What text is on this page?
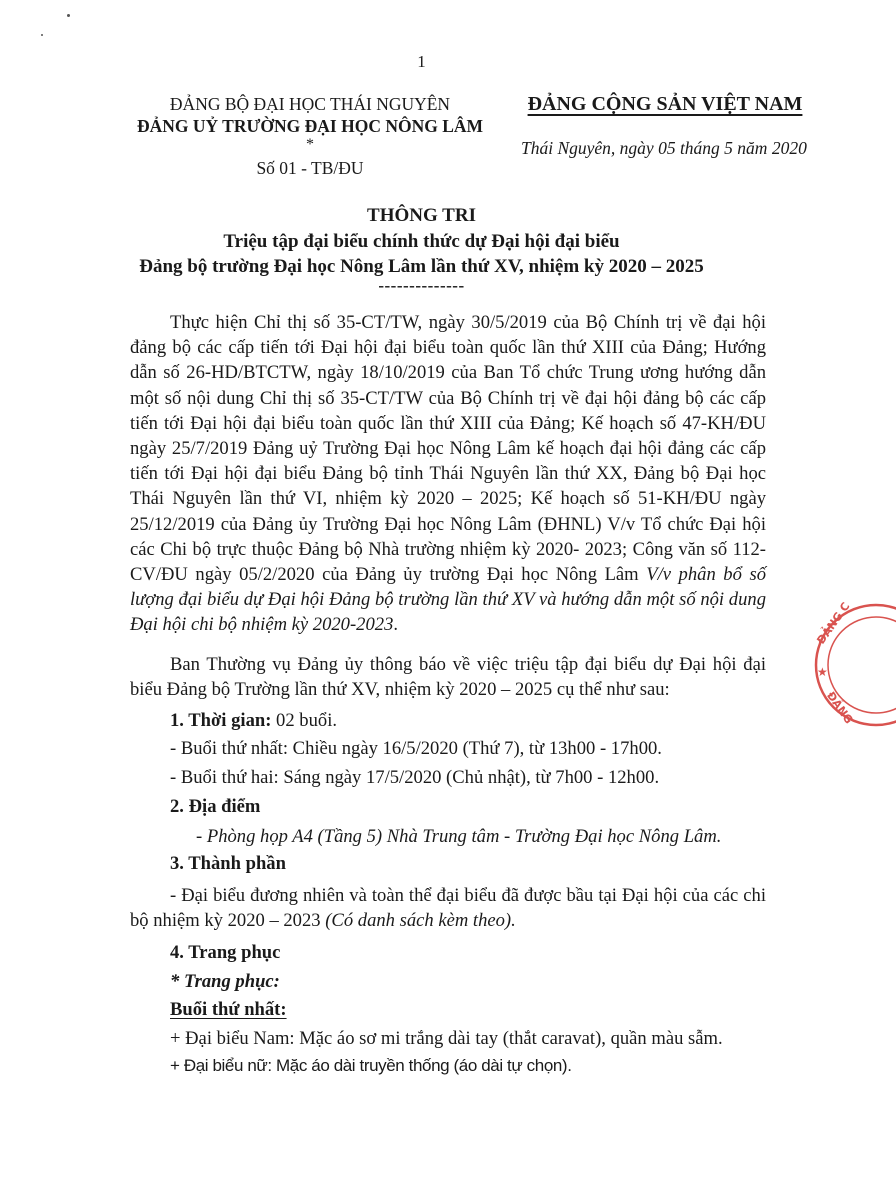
1
ĐẢNG BỘ ĐẠI HỌC THÁI NGUYÊN
ĐẢNG UỶ TRƯỜNG ĐẠI HỌC NÔNG LÂM
*
Số 01 - TB/ĐU
ĐẢNG CỘNG SẢN VIỆT NAM
Thái Nguyên, ngày 05 tháng 5 năm 2020
THÔNG TRI
Triệu tập đại biểu chính thức dự Đại hội đại biểu
Đảng bộ trường Đại học Nông Lâm lần thứ XV, nhiệm kỳ 2020 – 2025
--------------
Thực hiện Chỉ thị số 35-CT/TW, ngày 30/5/2019 của Bộ Chính trị về đại hội đảng bộ các cấp tiến tới Đại hội đại biểu toàn quốc lần thứ XIII của Đảng; Hướng dẫn số 26-HD/BTCTW, ngày 18/10/2019 của Ban Tổ chức Trung ương hướng dẫn một số nội dung Chỉ thị số 35-CT/TW của Bộ Chính trị về đại hội đảng bộ các cấp tiến tới Đại hội đại biểu toàn quốc lần thứ XIII của Đảng; Kế hoạch số 47-KH/ĐU ngày 25/7/2019 Đảng uỷ Trường Đại học Nông Lâm kế hoạch đại hội đảng các cấp tiến tới Đại hội đại biểu Đảng bộ tỉnh Thái Nguyên lần thứ XX, Đảng bộ Đại học Thái Nguyên lần thứ VI, nhiệm kỳ 2020 – 2025; Kế hoạch số 51-KH/ĐU ngày 25/12/2019 của Đảng ủy Trường Đại học Nông Lâm (ĐHNL) V/v Tổ chức Đại hội các Chi bộ trực thuộc Đảng bộ Nhà trường nhiệm kỳ 2020- 2023; Công văn số 112-CV/ĐU ngày 05/2/2020 của Đảng ủy trường Đại học Nông Lâm V/v phân bổ số lượng đại biểu dự Đại hội Đảng bộ trường lần thứ XV và hướng dẫn một số nội dung Đại hội chi bộ nhiệm kỳ 2020-2023.
Ban Thường vụ Đảng ủy thông báo về việc triệu tập đại biểu dự Đại hội đại biểu Đảng bộ Trường lần thứ XV, nhiệm kỳ 2020 – 2025 cụ thể như sau:
1. Thời gian: 02 buổi.
- Buổi thứ nhất: Chiều ngày 16/5/2020 (Thứ 7), từ 13h00 - 17h00.
- Buổi thứ hai: Sáng ngày 17/5/2020 (Chủ nhật), từ 7h00 - 12h00.
2. Địa điểm
- Phòng họp A4 (Tầng 5) Nhà Trung tâm - Trường Đại học Nông Lâm.
3. Thành phần
- Đại biểu đương nhiên và toàn thể đại biểu đã được bầu tại Đại hội của các chi bộ nhiệm kỳ 2020 – 2023 (Có danh sách kèm theo).
4. Trang phục
* Trang phục:
Buổi thứ nhất:
+ Đại biểu Nam: Mặc áo sơ mi trắng dài tay (thắt caravat), quần màu sẫm.
+ Đại biểu nữ: Mặc áo dài truyền thống (áo dài tự chọn).
ĐẢNG C
★
ĐẢNG
